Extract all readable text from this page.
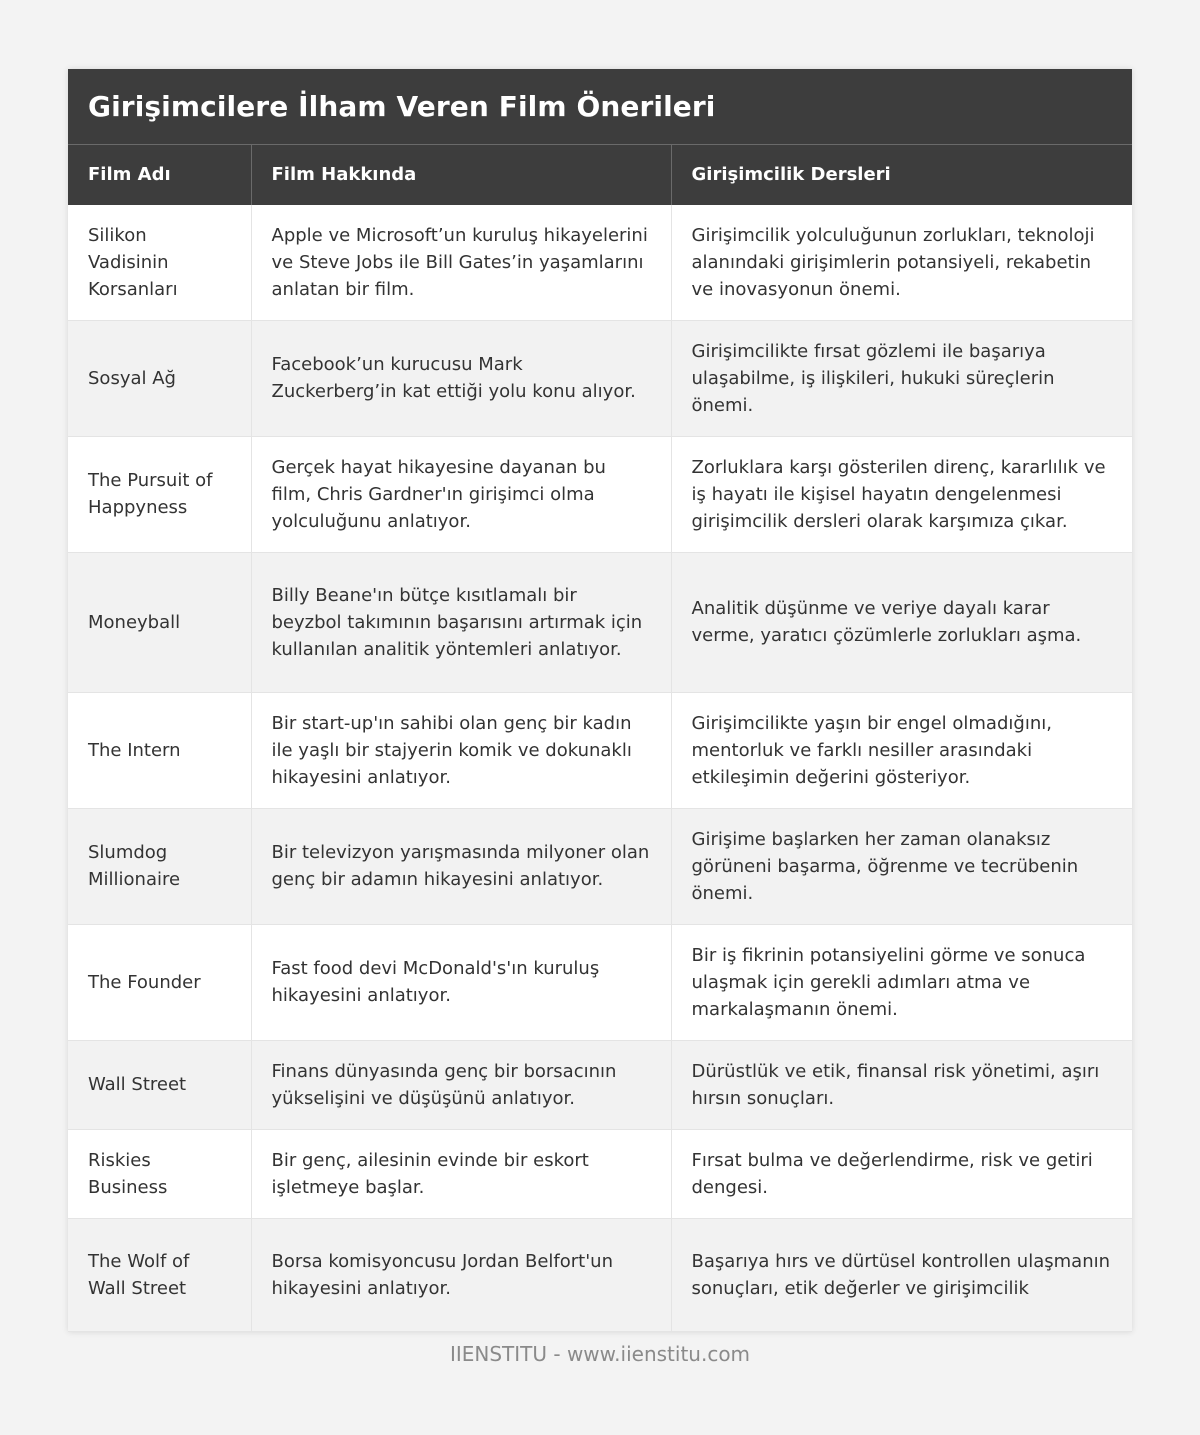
Girişimcilere İlham Veren Film Önerileri
Film Adı	Film Hakkında	Girişimcilik Dersleri
Silikon Vadisinin Korsanları	Apple ve Microsoft’un kuruluş hikayelerini ve Steve Jobs ile Bill Gates’in yaşamlarını anlatan bir film.	Girişimcilik yolculuğunun zorlukları, teknoloji alanındaki girişimlerin potansiyeli, rekabetin ve inovasyonun önemi.
Sosyal Ağ	Facebook’un kurucusu Mark Zuckerberg’in kat ettiği yolu konu alıyor.	Girişimcilikte fırsat gözlemi ile başarıya ulaşabilme, iş ilişkileri, hukuki süreçlerin önemi.
The Pursuit of Happyness	Gerçek hayat hikayesine dayanan bu film, Chris Gardner'ın girişimci olma yolculuğunu anlatıyor.	Zorluklara karşı gösterilen direnç, kararlılık ve iş hayatı ile kişisel hayatın dengelenmesi girişimcilik dersleri olarak karşımıza çıkar.
Moneyball	Billy Beane'ın bütçe kısıtlamalı bir beyzbol takımının başarısını artırmak için kullanılan analitik yöntemleri anlatıyor.	Analitik düşünme ve veriye dayalı karar verme, yaratıcı çözümlerle zorlukları aşma.
The Intern	Bir start-up'ın sahibi olan genç bir kadın ile yaşlı bir stajyerin komik ve dokunaklı hikayesini anlatıyor.	Girişimcilikte yaşın bir engel olmadığını, mentorluk ve farklı nesiller arasındaki etkileşimin değerini gösteriyor.
Slumdog Millionaire	Bir televizyon yarışmasında milyoner olan genç bir adamın hikayesini anlatıyor.	Girişime başlarken her zaman olanaksız görüneni başarma, öğrenme ve tecrübenin önemi.
The Founder	Fast food devi McDonald's'ın kuruluş hikayesini anlatıyor.	Bir iş fikrinin potansiyelini görme ve sonuca ulaşmak için gerekli adımları atma ve markalaşmanın önemi.
Wall Street	Finans dünyasında genç bir borsacının yükselişini ve düşüşünü anlatıyor.	Dürüstlük ve etik, finansal risk yönetimi, aşırı hırsın sonuçları.
Riskies Business	Bir genç, ailesinin evinde bir eskort işletmeye başlar.	Fırsat bulma ve değerlendirme, risk ve getiri dengesi.
The Wolf of Wall Street	Borsa komisyoncusu Jordan Belfort'un hikayesini anlatıyor.	Başarıya hırs ve dürtüsel kontrollen ulaşmanın sonuçları, etik değerler ve girişimcilik
IIENSTITU - www.iienstitu.com
